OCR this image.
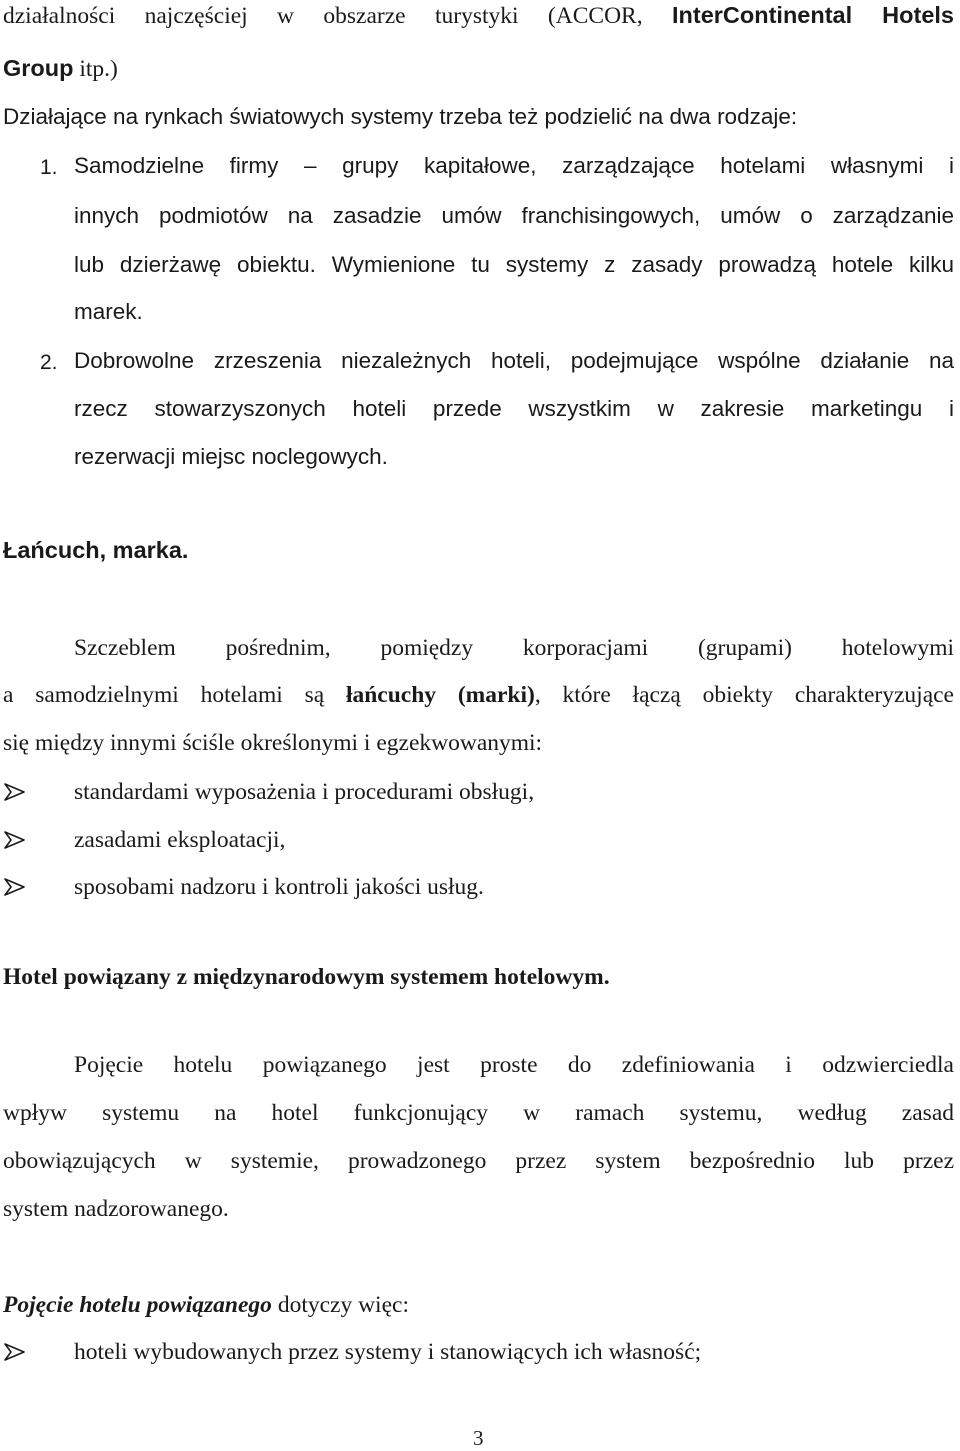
działalności najczęściej w obszarze turystyki (ACCOR, InterContinental Hotels
Group itp.)
Działające na rynkach światowych systemy trzeba też podzielić na dwa rodzaje:
1. Samodzielne firmy – grupy kapitałowe, zarządzające hotelami własnymi i
innych podmiotów na zasadzie umów franchisingowych, umów o zarządzanie
lub dzierżawę obiektu. Wymienione tu systemy z zasady prowadzą hotele kilku
marek.
2. Dobrowolne zrzeszenia niezależnych hoteli, podejmujące wspólne działanie na
rzecz stowarzyszonych hoteli przede wszystkim w zakresie marketingu i
rezerwacji miejsc noclegowych.
Łańcuch, marka.
Szczeblem pośrednim, pomiędzy korporacjami (grupami) hotelowymi
a samodzielnymi hotelami są łańcuchy (marki), które łączą obiekty charakteryzujące
się między innymi ściśle określonymi i egzekwowanymi:
standardami wyposażenia i procedurami obsługi,
zasadami eksploatacji,
sposobami nadzoru i kontroli jakości usług.
Hotel powiązany z międzynarodowym systemem hotelowym.
Pojęcie hotelu powiązanego jest proste do zdefiniowania i odzwierciedla
wpływ systemu na hotel funkcjonujący w ramach systemu, według zasad
obowiązujących w systemie, prowadzonego przez system bezpośrednio lub przez
system nadzorowanego.
Pojęcie hotelu powiązanego dotyczy więc:
hoteli wybudowanych przez systemy i stanowiących ich własność;
3
